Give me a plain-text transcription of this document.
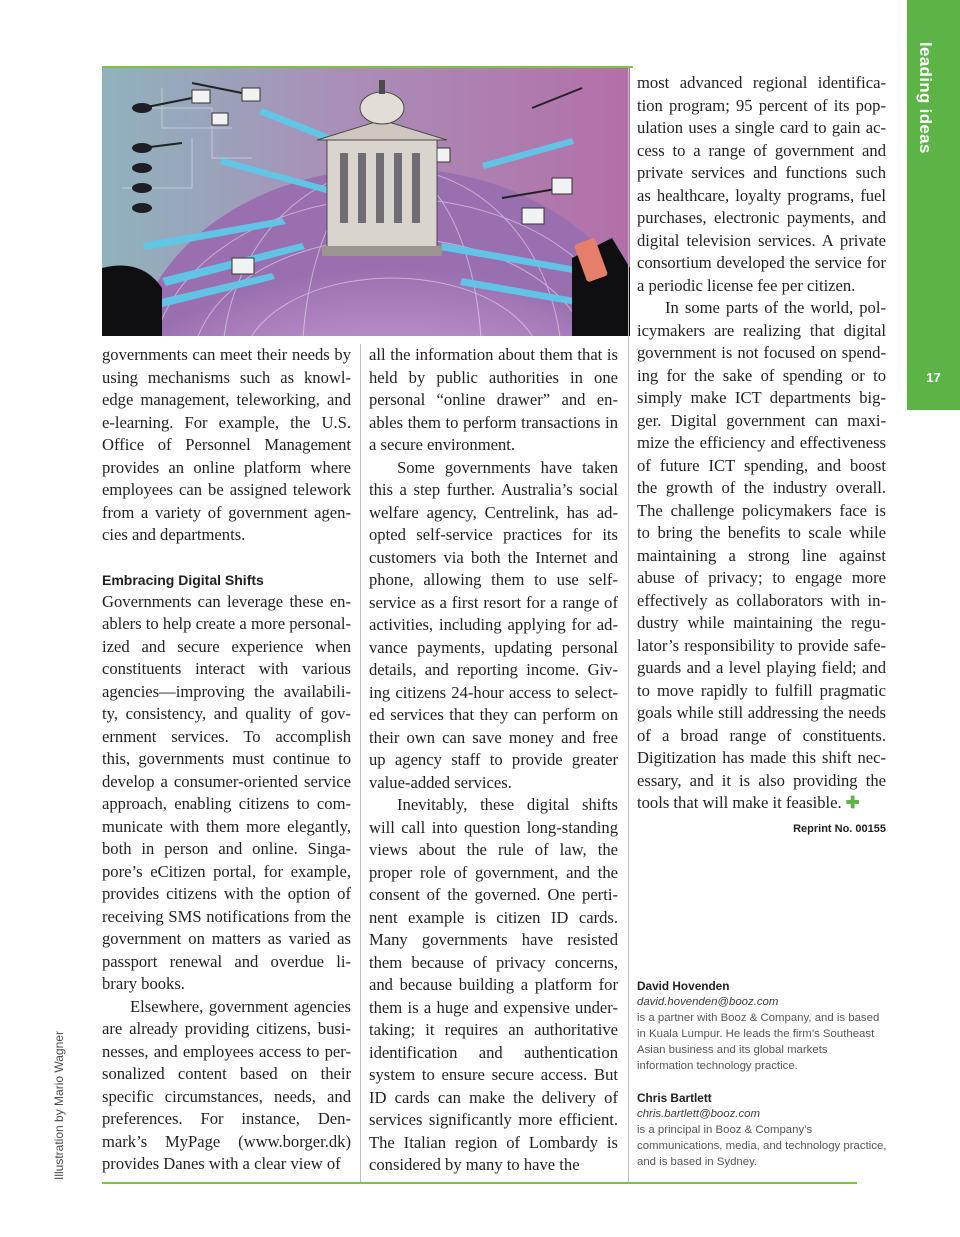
leading ideas
17
Illustration by Mario Wagner

governments can meet their needs by using mechanisms such as knowl-edge management, teleworking, and e-learning. For example, the U.S. Office of Personnel Management provides an online platform where employees can be assigned telework from a variety of government agen-cies and departments.

Embracing Digital Shifts

Governments can leverage these en-ablers to help create a more personal-ized and secure experience when constituents interact with various agencies—improving the availabili-ty, consistency, and quality of gov-ernment services. To accomplish this, governments must continue to develop a consumer-oriented service approach, enabling citizens to com-municate with them more elegantly, both in person and online. Singa-pore’s eCitizen portal, for example, provides citizens with the option of receiving SMS notifications from the government on matters as varied as passport renewal and overdue li-brary books.

Elsewhere, government agencies are already providing citizens, busi-nesses, and employees access to per-sonalized content based on their specific circumstances, needs, and preferences. For instance, Den-mark’s MyPage (www.borger.dk) provides Danes with a clear view of

all the information about them that is held by public authorities in one personal “online drawer” and en-ables them to perform transactions in a secure environment.

Some governments have taken this a step further. Australia’s social welfare agency, Centrelink, has ad-opted self-service practices for its customers via both the Internet and phone, allowing them to use self-service as a first resort for a range of activities, including applying for ad-vance payments, updating personal details, and reporting income. Giv-ing citizens 24-hour access to select-ed services that they can perform on their own can save money and free up agency staff to provide greater value-added services.

Inevitably, these digital shifts will call into question long-standing views about the rule of law, the proper role of government, and the consent of the governed. One perti-nent example is citizen ID cards. Many governments have resisted them because of privacy concerns, and because building a platform for them is a huge and expensive under-taking; it requires an authoritative identification and authentication system to ensure secure access. But ID cards can make the delivery of services significantly more efficient. The Italian region of Lombardy is considered by many to have the

most advanced regional identifica-tion program; 95 percent of its pop-ulation uses a single card to gain ac-cess to a range of government and private services and functions such as healthcare, loyalty programs, fuel purchases, electronic payments, and digital television services. A private consortium developed the service for a periodic license fee per citizen.

In some parts of the world, pol-icymakers are realizing that digital government is not focused on spend-ing for the sake of spending or to simply make ICT departments big-ger. Digital government can maxi-mize the efficiency and effectiveness of future ICT spending, and boost the growth of the industry overall. The challenge policymakers face is to bring the benefits to scale while maintaining a strong line against abuse of privacy; to engage more effectively as collaborators with in-dustry while maintaining the regu-lator’s responsibility to provide safe-guards and a level playing field; and to move rapidly to fulfill pragmatic goals while still addressing the needs of a broad range of constituents. Digitization has made this shift nec-essary, and it is also providing the tools that will make it feasible. ✚

Reprint No. 00155
David Hovenden
david.hovenden@booz.com
is a partner with Booz & Company, and is based in Kuala Lumpur. He leads the firm’s Southeast Asian business and its global markets information technology practice.
Chris Bartlett
chris.bartlett@booz.com
is a principal in Booz & Company’s communications, media, and technology practice, and is based in Sydney.
